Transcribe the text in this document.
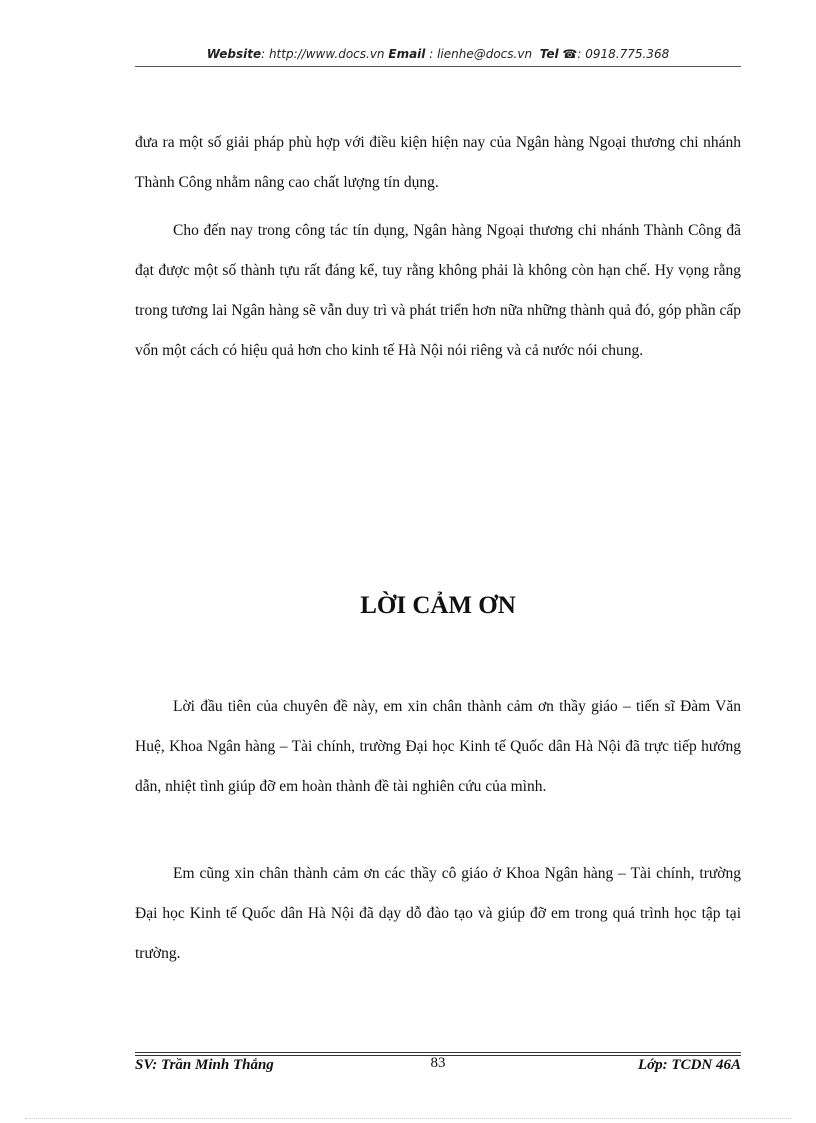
Website: http://www.docs.vn Email : lienhe@docs.vn Tel ☎: 0918.775.368

đưa ra một số giải pháp phù hợp với điều kiện hiện nay của Ngân hàng Ngoại thương chi nhánh Thành Công nhằm nâng cao chất lượng tín dụng.

Cho đến nay trong công tác tín dụng, Ngân hàng Ngoại thương chi nhánh Thành Công đã đạt được một số thành tựu rất đáng kể, tuy rằng không phải là không còn hạn chế. Hy vọng rằng trong tương lai Ngân hàng sẽ vẫn duy trì và phát triển hơn nữa những thành quả đó, góp phần cấp vốn một cách có hiệu quả hơn cho kinh tế Hà Nội nói riêng và cả nước nói chung.

LỜI CẢM ƠN

Lời đầu tiên của chuyên đề này, em xin chân thành cảm ơn thầy giáo – tiến sĩ Đàm Văn Huệ, Khoa Ngân hàng – Tài chính, trường Đại học Kinh tế Quốc dân Hà Nội đã trực tiếp hướng dẫn, nhiệt tình giúp đỡ em hoàn thành đề tài nghiên cứu của mình.

Em cũng xin chân thành cảm ơn các thầy cô giáo ở Khoa Ngân hàng – Tài chính, trường Đại học Kinh tế Quốc dân Hà Nội đã dạy dỗ đào tạo và giúp đỡ em trong quá trình học tập tại trường.

SV: Trần Minh Thắng	83	Lớp: TCDN 46A
